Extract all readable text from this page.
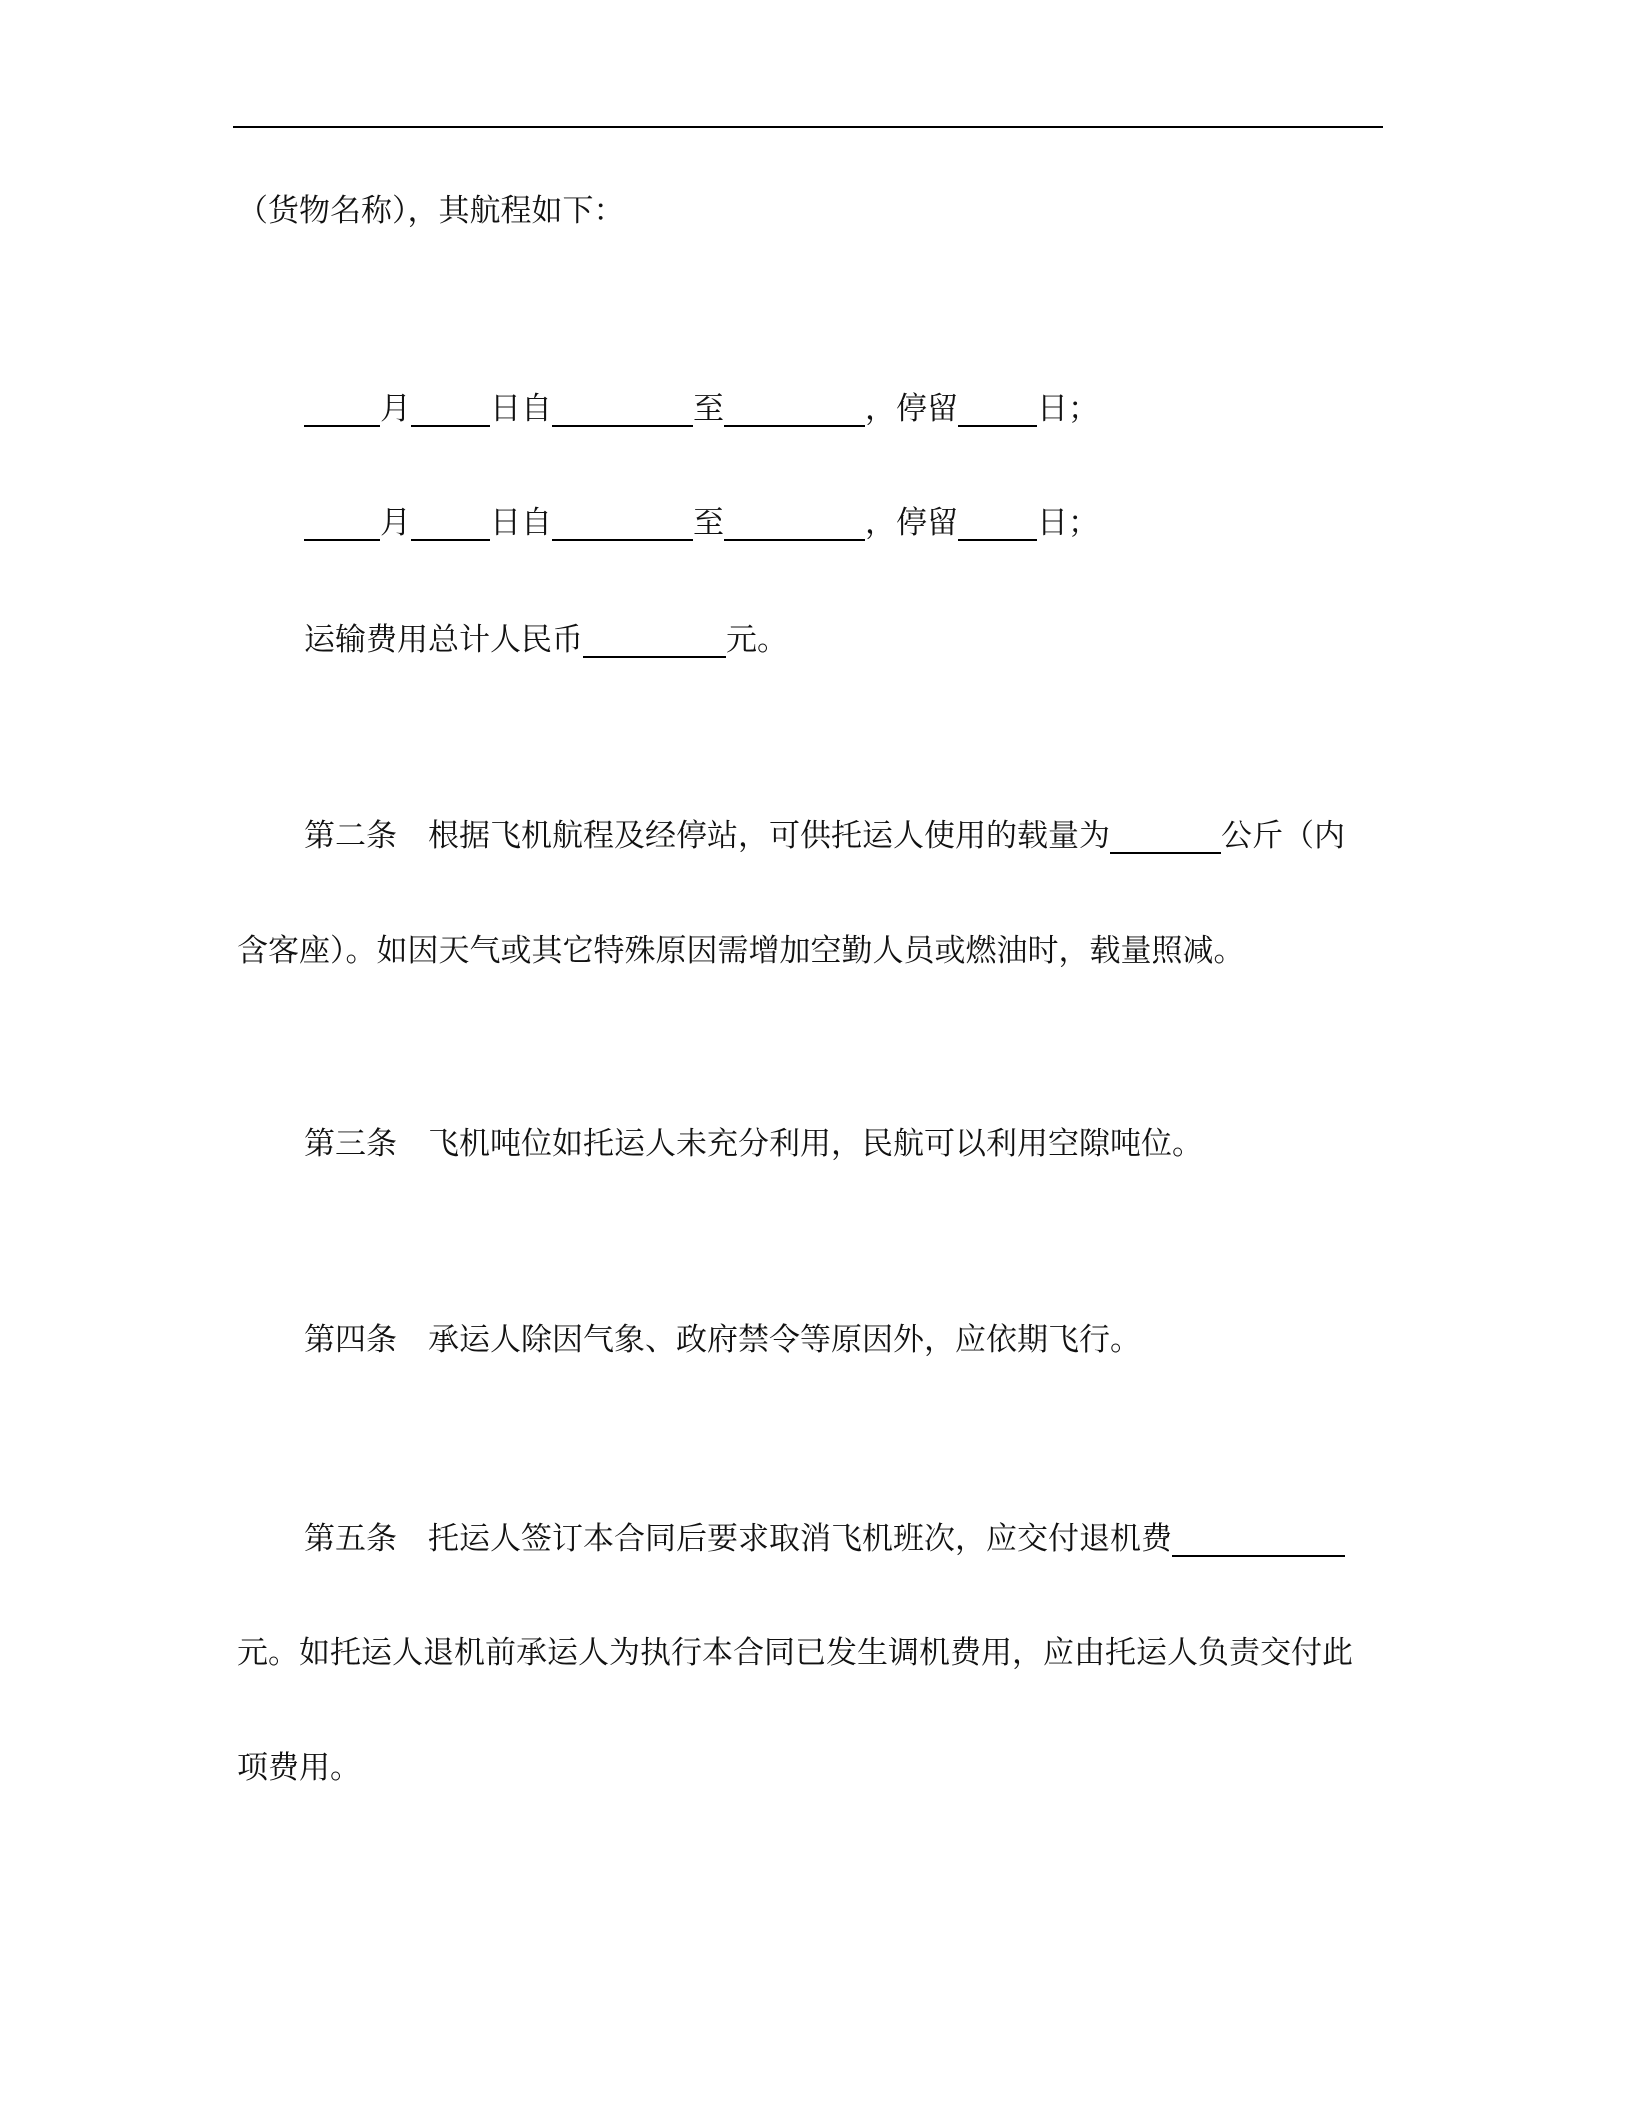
（货物名称），其航程如下：
月	日自	至	，停留	日；
月	日自	至	，停留	日；
运输费用总计人民币	元。
第二条　根据飞机航程及经停站，可供托运人使用的载量为	公斤（内
含客座）。如因天气或其它特殊原因需增加空勤人员或燃油时，载量照减。
第三条　飞机吨位如托运人未充分利用，民航可以利用空隙吨位。
第四条　承运人除因气象、政府禁令等原因外，应依期飞行。
第五条　托运人签订本合同后要求取消飞机班次，应交付退机费
元。如托运人退机前承运人为执行本合同已发生调机费用，应由托运人负责交付此
项费用。
